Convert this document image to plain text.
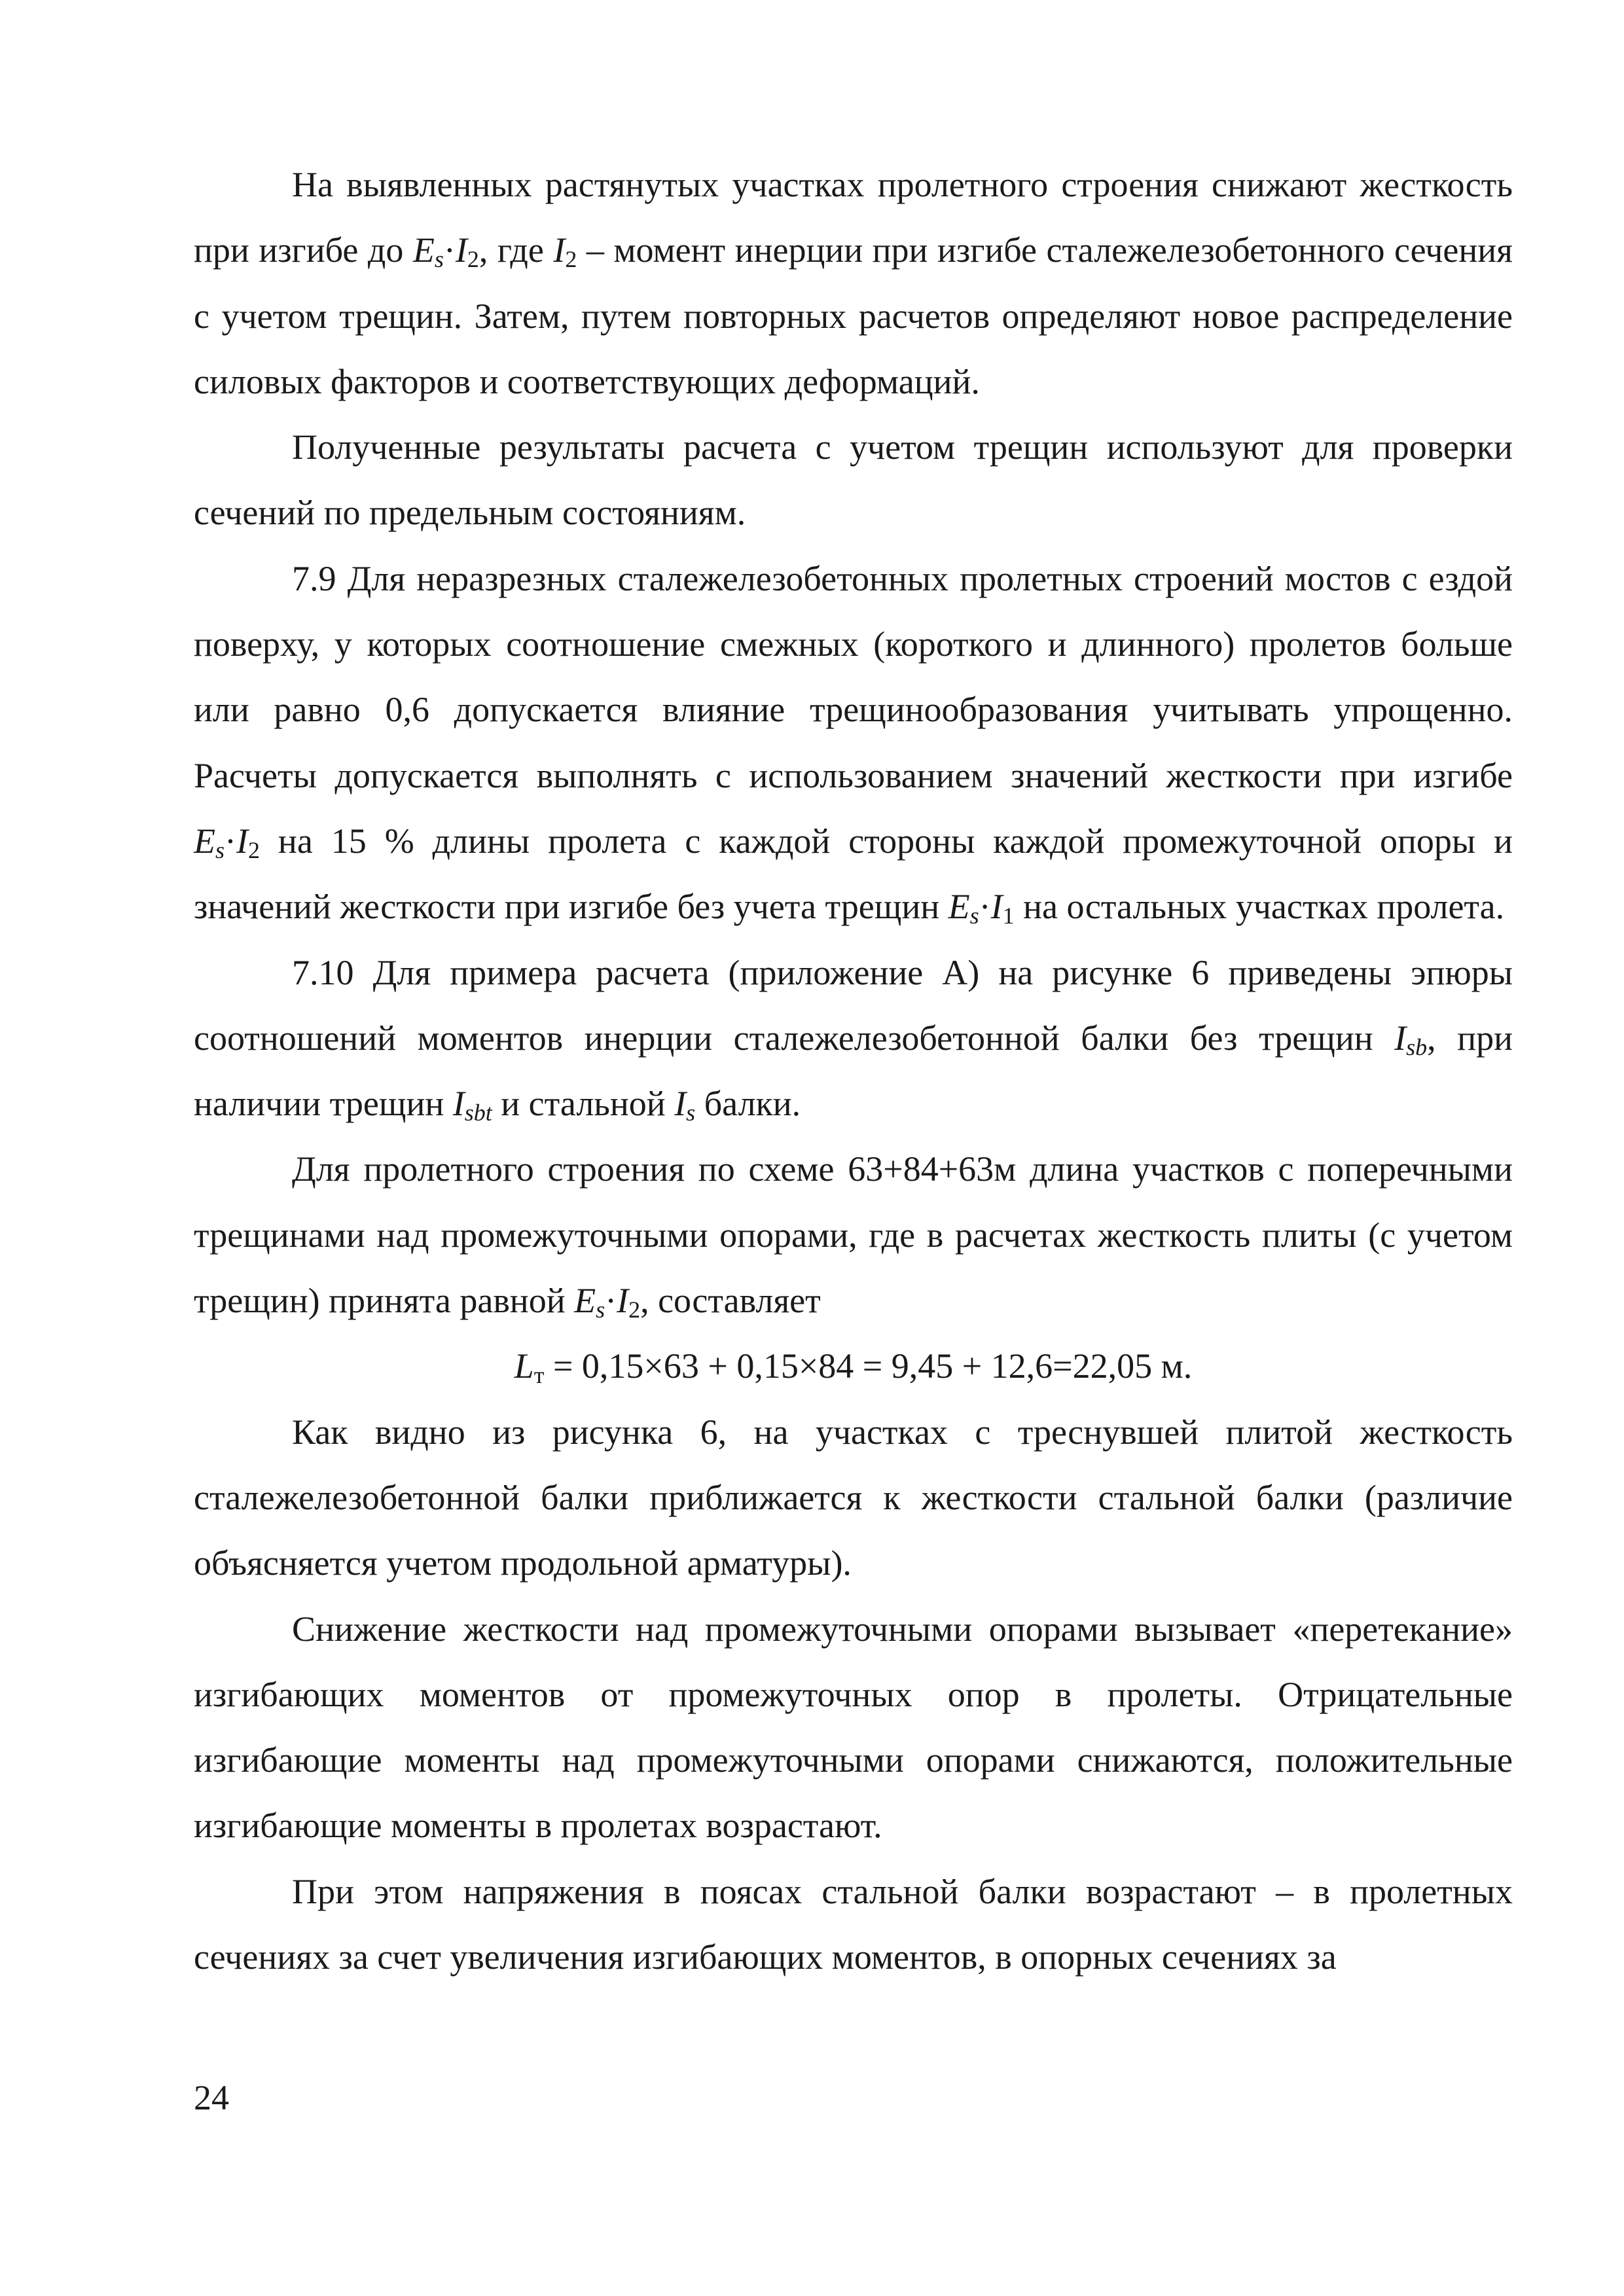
На выявленных растянутых участках пролетного строения снижают жесткость при изгибе до $E_s\cdot I_2$, где $I_2$ – момент инерции при изгибе сталежелезобетонного сечения с учетом трещин. Затем, путем повторных расчетов определяют новое распределение силовых факторов и соответствующих деформаций.

Полученные результаты расчета с учетом трещин используют для проверки сечений по предельным состояниям.

7.9 Для неразрезных сталежелезобетонных пролетных строений мостов с ездой поверху, у которых соотношение смежных (короткого и длинного) пролетов больше или равно 0,6 допускается влияние трещинообразования учитывать упрощенно. Расчеты допускается выполнять с использованием значений жесткости при изгибе $E_s\cdot I_2$ на 15 % длины пролета с каждой стороны каждой промежуточной опоры и значений жесткости при изгибе без учета трещин $E_s\cdot I_1$ на остальных участках пролета.

7.10 Для примера расчета (приложение А) на рисунке 6 приведены эпюры соотношений моментов инерции сталежелезобетонной балки без трещин $I_{sb}$, при наличии трещин $I_{sbt}$ и стальной $I_s$ балки.

Для пролетного строения по схеме 63+84+63м длина участков с поперечными трещинами над промежуточными опорами, где в расчетах жесткость плиты (с учетом трещин) принята равной $E_s\cdot I_2$, составляет

$L_т = 0,15\times 63 + 0,15\times 84 = 9,45 + 12,6=22,05$ м.

Как видно из рисунка 6, на участках с треснувшей плитой жесткость сталежелезобетонной балки приближается к жесткости стальной балки (различие объясняется учетом продольной арматуры).

Снижение жесткости над промежуточными опорами вызывает «перетекание» изгибающих моментов от промежуточных опор в пролеты. Отрицательные изгибающие моменты над промежуточными опорами снижаются, положительные изгибающие моменты в пролетах возрастают.

При этом напряжения в поясах стальной балки возрастают – в пролетных сечениях за счет увеличения изгибающих моментов, в опорных сечениях за

24
